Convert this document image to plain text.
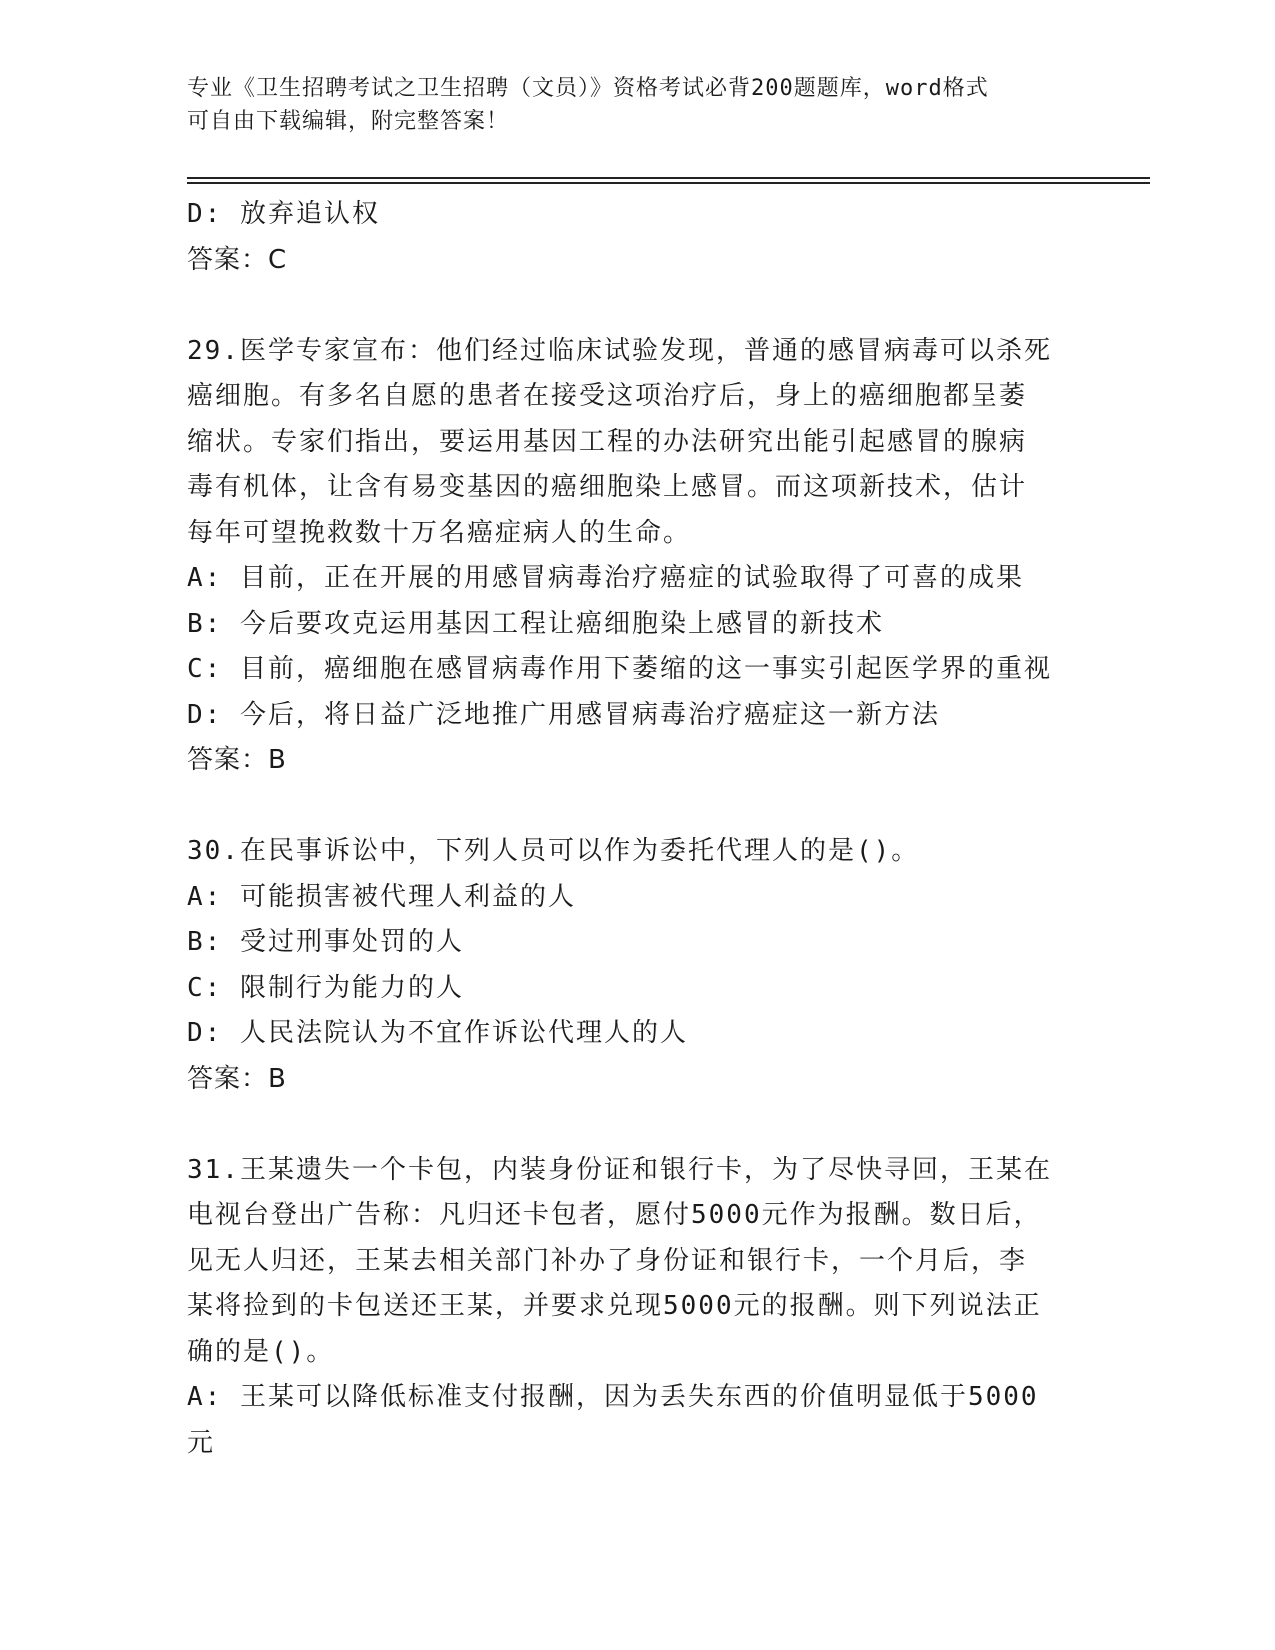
专业《卫生招聘考试之卫生招聘（文员）》资格考试必背200题题库，word格式
可自由下载编辑，附完整答案！
D: 放弃追认权
答案：C
29.医学专家宣布：他们经过临床试验发现，普通的感冒病毒可以杀死
癌细胞。有多名自愿的患者在接受这项治疗后，身上的癌细胞都呈萎
缩状。专家们指出，要运用基因工程的办法研究出能引起感冒的腺病
毒有机体，让含有易变基因的癌细胞染上感冒。而这项新技术，估计
每年可望挽救数十万名癌症病人的生命。
A: 目前，正在开展的用感冒病毒治疗癌症的试验取得了可喜的成果
B: 今后要攻克运用基因工程让癌细胞染上感冒的新技术
C: 目前，癌细胞在感冒病毒作用下萎缩的这一事实引起医学界的重视
D: 今后，将日益广泛地推广用感冒病毒治疗癌症这一新方法
答案：B
30.在民事诉讼中，下列人员可以作为委托代理人的是()。
A: 可能损害被代理人利益的人
B: 受过刑事处罚的人
C: 限制行为能力的人
D: 人民法院认为不宜作诉讼代理人的人
答案：B
31.王某遗失一个卡包，内装身份证和银行卡，为了尽快寻回，王某在
电视台登出广告称：凡归还卡包者，愿付5000元作为报酬。数日后，
见无人归还，王某去相关部门补办了身份证和银行卡，一个月后，李
某将捡到的卡包送还王某，并要求兑现5000元的报酬。则下列说法正
确的是()。
A: 王某可以降低标准支付报酬，因为丢失东西的价值明显低于5000
元
